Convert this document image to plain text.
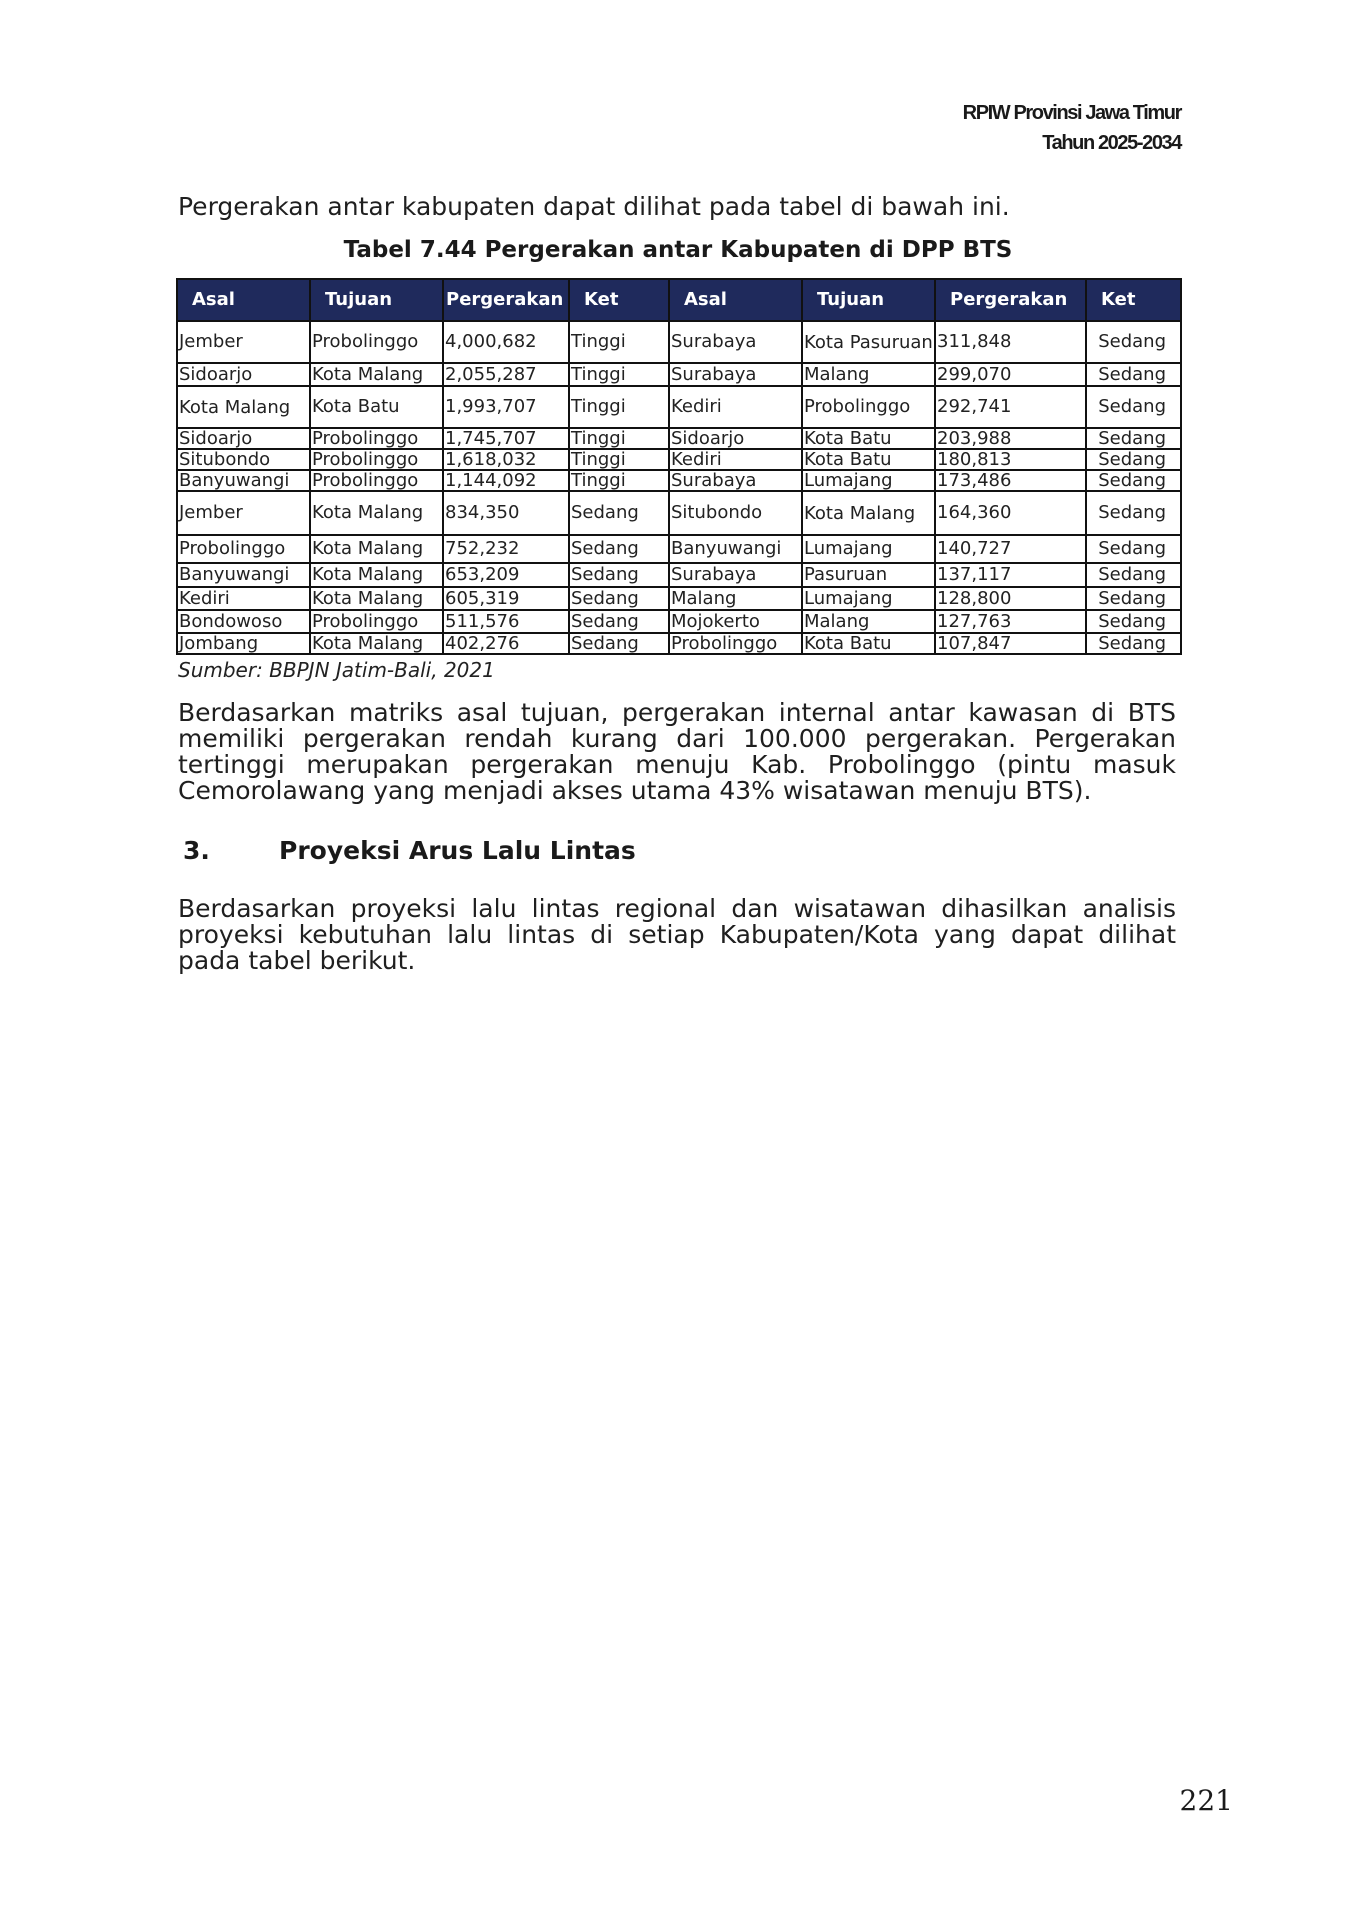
RPIW Provinsi Jawa Timur
Tahun 2025-2034

Pergerakan antar kabupaten dapat dilihat pada tabel di bawah ini.

Tabel 7.44 Pergerakan antar Kabupaten di DPP BTS

Asal	Tujuan	Pergerakan	Ket	Asal	Tujuan	Pergerakan	Ket
Jember	Probolinggo	4,000,682	Tinggi	Surabaya	Kota Pasuruan	311,848	Sedang
Sidoarjo	Kota Malang	2,055,287	Tinggi	Surabaya	Malang	299,070	Sedang
Kota Malang	Kota Batu	1,993,707	Tinggi	Kediri	Probolinggo	292,741	Sedang
Sidoarjo	Probolinggo	1,745,707	Tinggi	Sidoarjo	Kota Batu	203,988	Sedang
Situbondo	Probolinggo	1,618,032	Tinggi	Kediri	Kota Batu	180,813	Sedang
Banyuwangi	Probolinggo	1,144,092	Tinggi	Surabaya	Lumajang	173,486	Sedang
Jember	Kota Malang	834,350	Sedang	Situbondo	Kota Malang	164,360	Sedang
Probolinggo	Kota Malang	752,232	Sedang	Banyuwangi	Lumajang	140,727	Sedang
Banyuwangi	Kota Malang	653,209	Sedang	Surabaya	Pasuruan	137,117	Sedang
Kediri	Kota Malang	605,319	Sedang	Malang	Lumajang	128,800	Sedang
Bondowoso	Probolinggo	511,576	Sedang	Mojokerto	Malang	127,763	Sedang
Jombang	Kota Malang	402,276	Sedang	Probolinggo	Kota Batu	107,847	Sedang

Sumber: BBPJN Jatim-Bali, 2021

Berdasarkan matriks asal tujuan, pergerakan internal antar kawasan di BTS memiliki pergerakan rendah kurang dari 100.000 pergerakan. Pergerakan tertinggi merupakan pergerakan menuju Kab. Probolinggo (pintu masuk Cemorolawang yang menjadi akses utama 43% wisatawan menuju BTS).

3.	Proyeksi Arus Lalu Lintas

Berdasarkan proyeksi lalu lintas regional dan wisatawan dihasilkan analisis proyeksi kebutuhan lalu lintas di setiap Kabupaten/Kota yang dapat dilihat pada tabel berikut.

221
